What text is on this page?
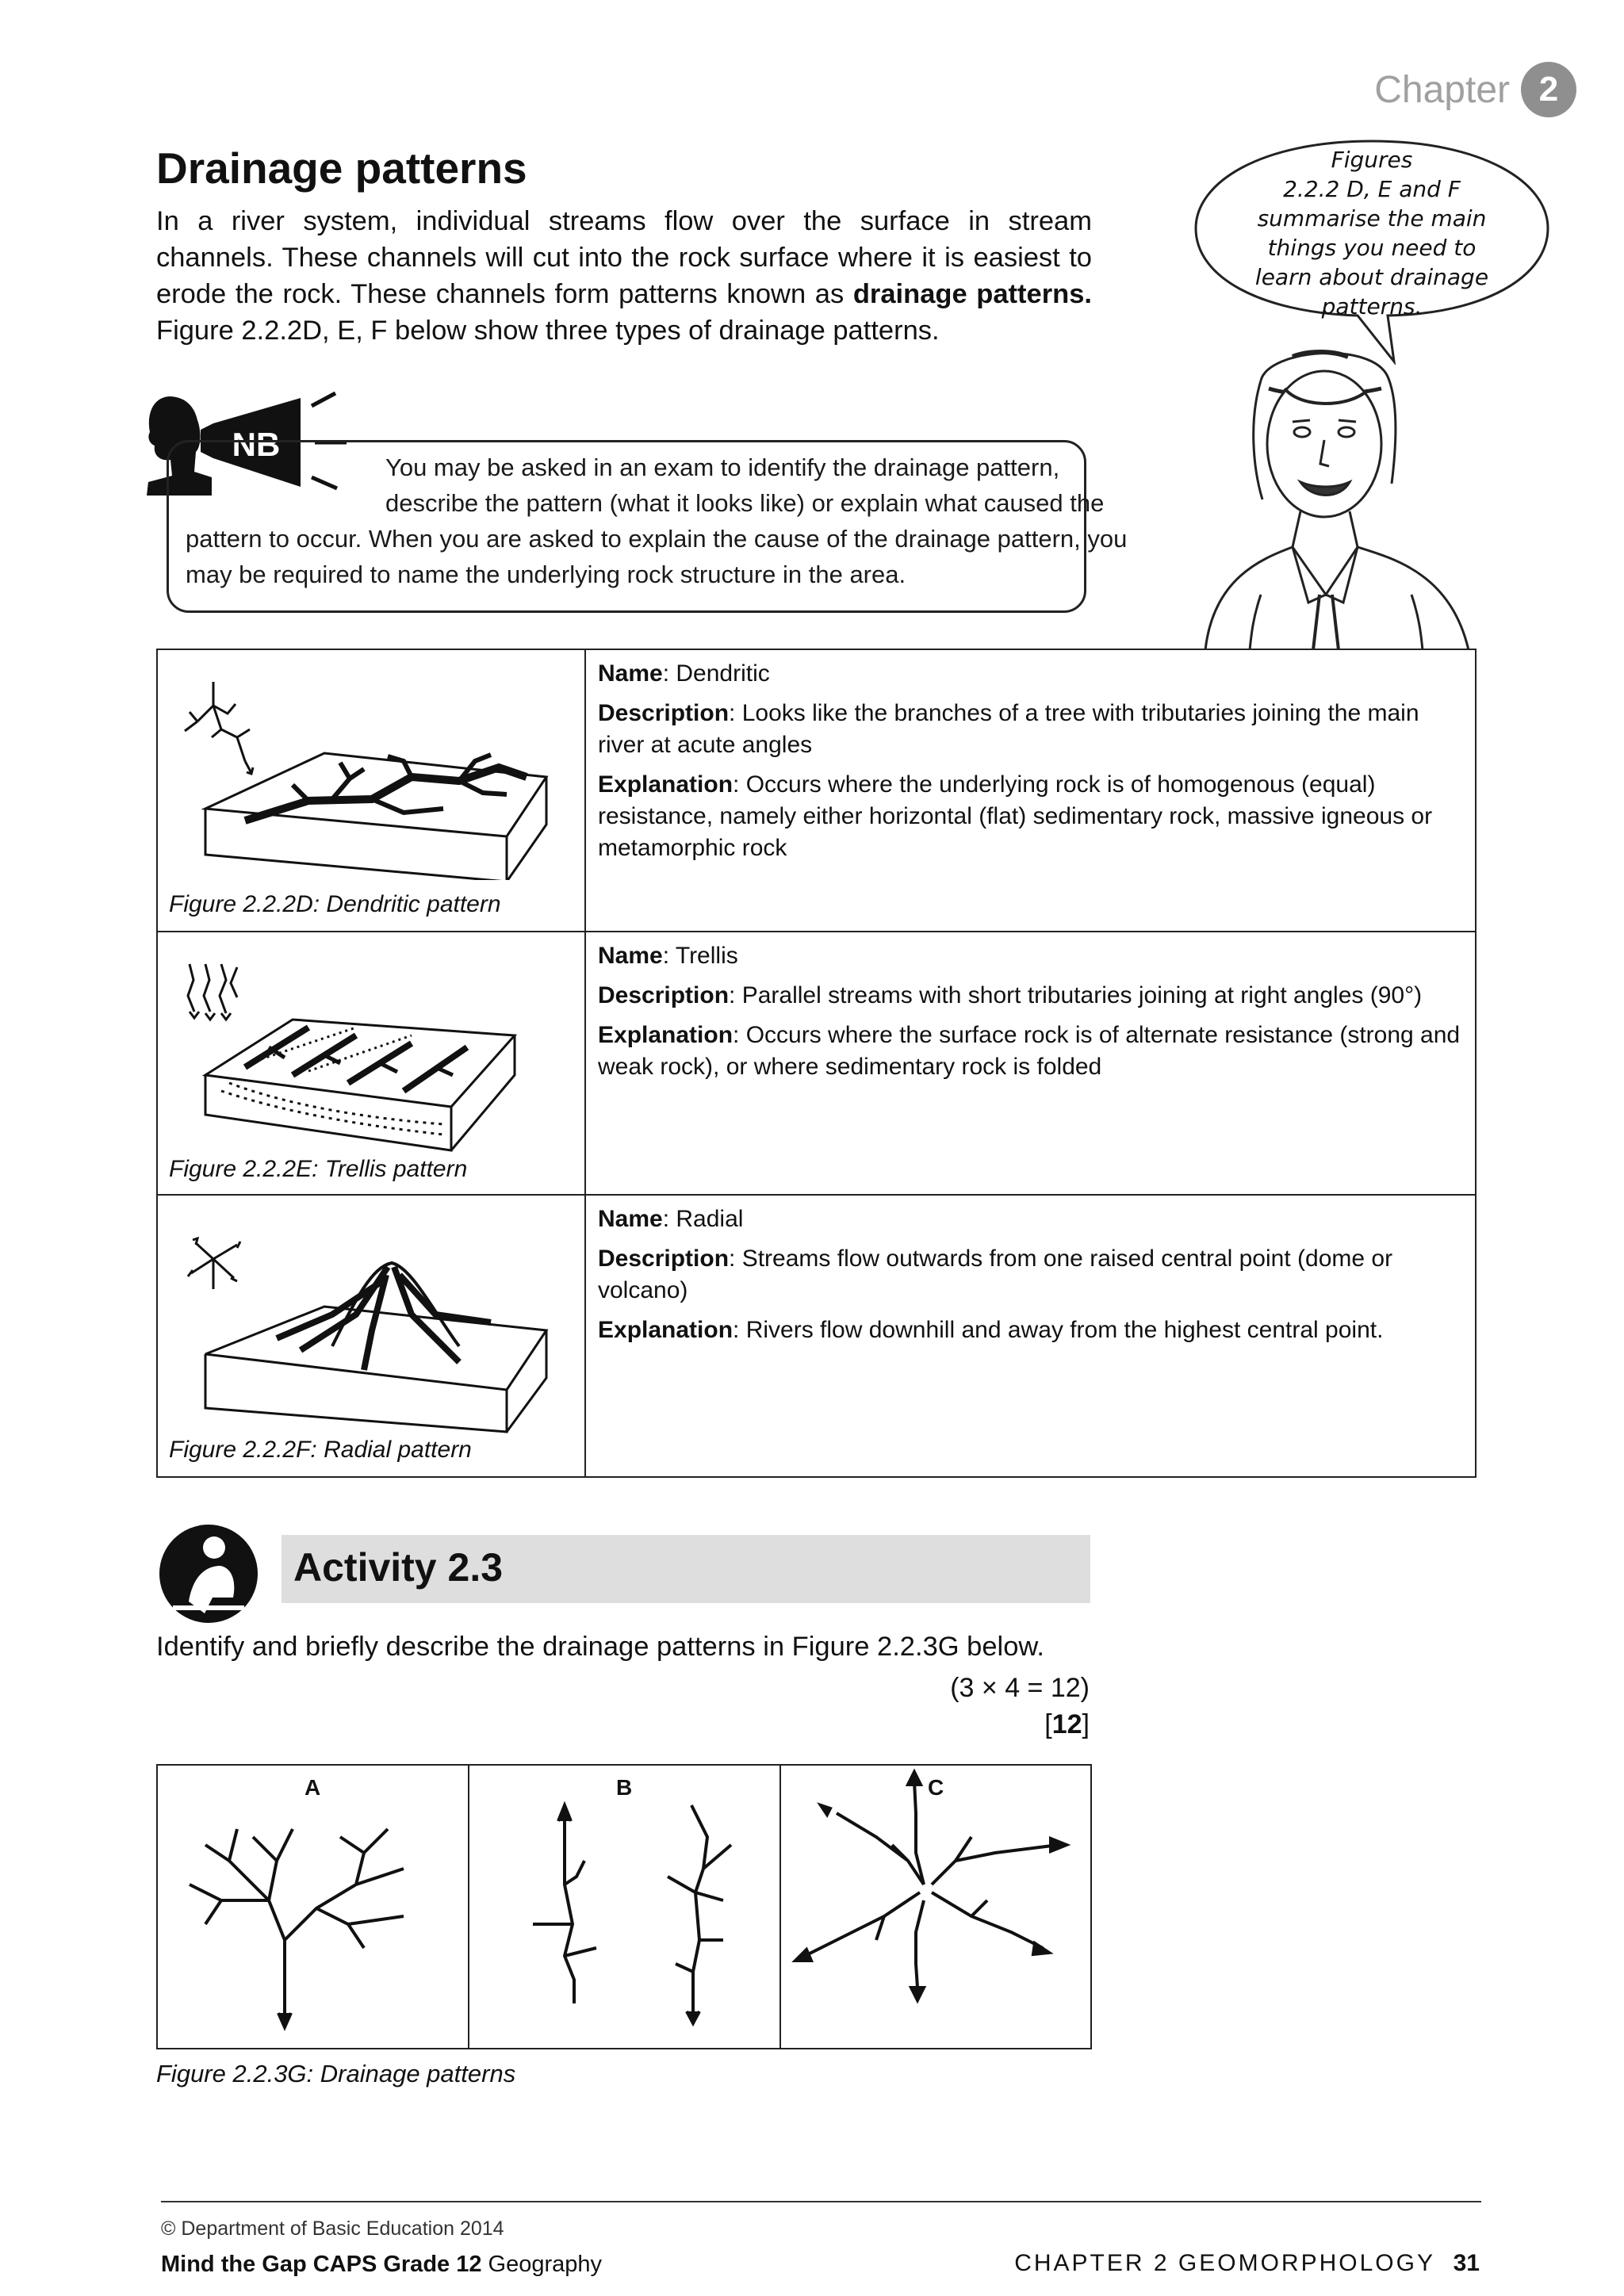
Chapter 2
Drainage patterns
In a river system, individual streams flow over the surface in stream channels. These channels will cut into the rock surface where it is easiest to erode the rock. These channels form patterns known as drainage patterns. Figure 2.2.2D, E, F below show three types of drainage patterns.
Figures
2.2.2 D, E and F
summarise the main
things you need to
learn about drainage
patterns.
NB
You may be asked in an exam to identify the drainage pattern,
describe the pattern (what it looks like) or explain what caused the
pattern to occur. When you are asked to explain the cause of the drainage pattern, you
may be required to name the underlying rock structure in the area.
Figure 2.2.2D: Dendritic pattern

Name: Dendritic

Description: Looks like the branches of a tree with tributaries joining the main river at acute angles

Explanation: Occurs where the underlying rock is of homogenous (equal) resistance, namely either horizontal (flat) sedimentary rock, massive igneous or metamorphic rock

Figure 2.2.2E: Trellis pattern

Name: Trellis

Description: Parallel streams with short tributaries joining at right angles (90°)

Explanation: Occurs where the surface rock is of alternate resistance (strong and weak rock), or where sedimentary rock is folded

Figure 2.2.2F: Radial pattern

Name: Radial

Description: Streams flow outwards from one raised central point (dome or volcano)

Explanation: Rivers flow downhill and away from the highest central point.

Activity 2.3
Identify and briefly describe the drainage patterns in Figure 2.2.3G below.
(3 × 4 = 12)
[12]
A	B	C
Figure 2.2.3G: Drainage patterns
© Department of Basic Education 2014
Mind the Gap CAPS Grade 12 Geography	CHAPTER 2 GEOMORPHOLOGY 31
